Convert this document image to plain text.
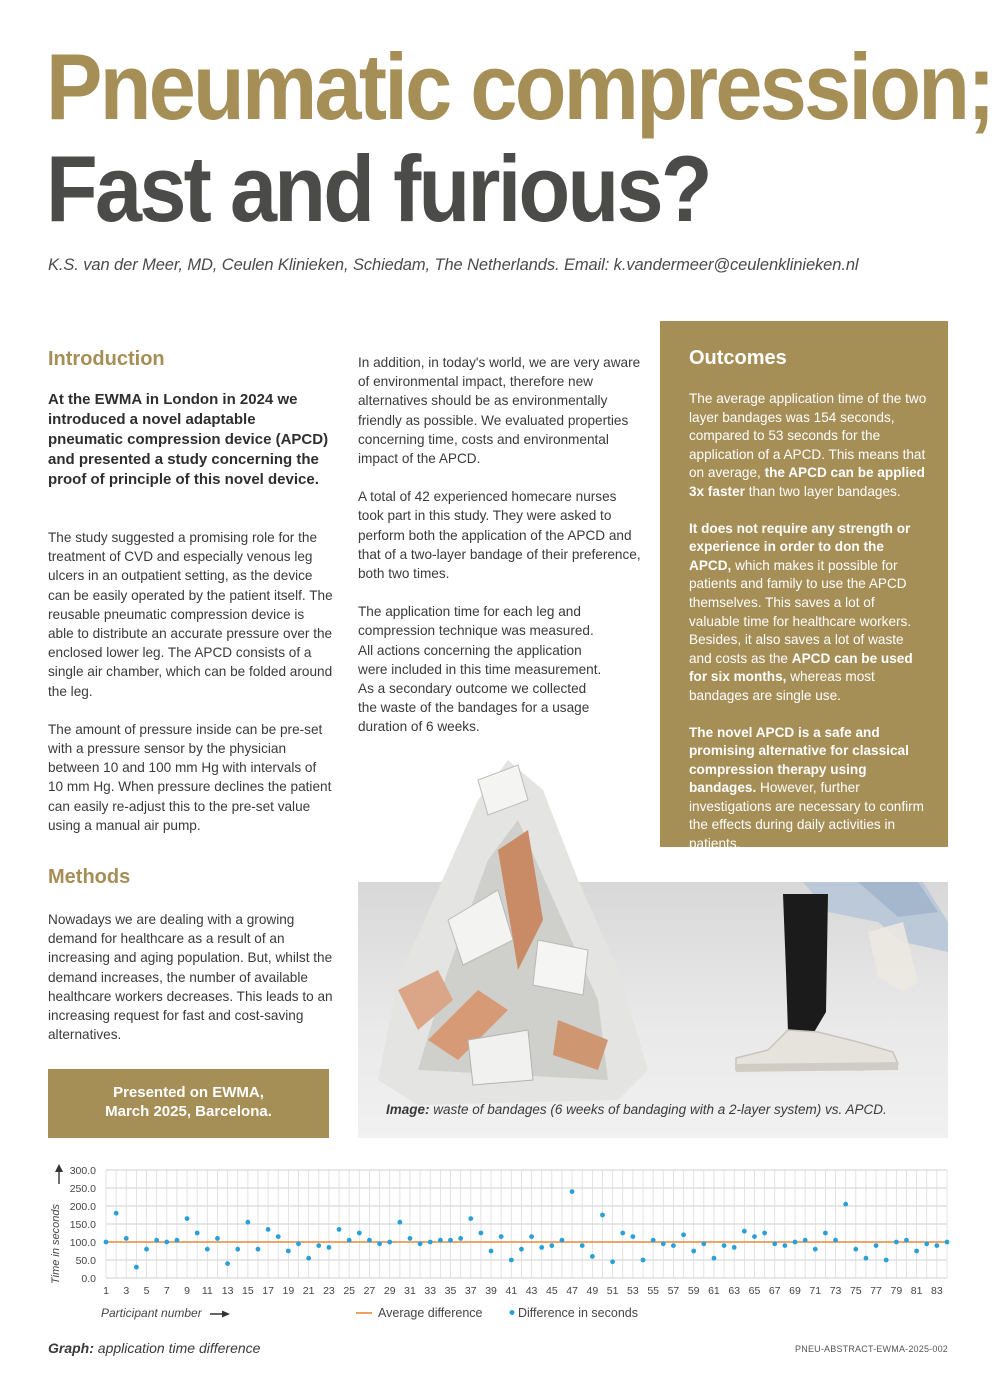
Pneumatic compression;
Fast and furious?
K.S. van der Meer, MD, Ceulen Klinieken, Schiedam, The Netherlands. Email: k.vandermeer@ceulenklinieken.nl
Introduction

At the EWMA in London in 2024 we introduced a novel adaptable pneumatic compression device (APCD) and presented a study concerning the proof of principle of this novel device.

The study suggested a promising role for the treatment of CVD and especially venous leg ulcers in an outpatient setting, as the device can be easily operated by the patient itself. The reusable pneumatic compression device is able to distribute an accurate pressure over the enclosed lower leg. The APCD consists of a single air chamber, which can be folded around the leg.

The amount of pressure inside can be pre-set with a pressure sensor by the physician between 10 and 100 mm Hg with intervals of 10 mm Hg. When pressure declines the patient can easily re-adjust this to the pre-set value using a manual air pump.

Methods

Nowadays we are dealing with a growing demand for healthcare as a result of an increasing and aging population. But, whilst the demand increases, the number of available healthcare workers decreases. This leads to an increasing request for fast and cost-saving alternatives.

In addition, in today's world, we are very aware of environmental impact, therefore new alternatives should be as environmentally friendly as possible. We evaluated properties concerning time, costs and environmental impact of the APCD.

A total of 42 experienced homecare nurses took part in this study. They were asked to perform both the application of the APCD and that of a two-layer bandage of their preference, both two times.

The application time for each leg and compression technique was measured. All actions concerning the application were included in this time measurement. As a secondary outcome we collected the waste of the bandages for a usage duration of 6 weeks.

Outcomes

The average application time of the two layer bandages was 154 seconds, compared to 53 seconds for the application of a APCD. This means that on average, the APCD can be applied 3x faster than two layer bandages.

It does not require any strength or experience in order to don the APCD, which makes it possible for patients and family to use the APCD themselves. This saves a lot of valuable time for healthcare workers. Besides, it also saves a lot of waste and costs as the APCD can be used for six months, whereas most bandages are single use.

The novel APCD is a safe and promising alternative for classical compression therapy using bandages. However, further investigations are necessary to confirm the effects during daily activities in patients.

Presented on EWMA,
March 2025, Barcelona.	Image: waste of bandages (6 weeks of bandaging with a 2-layer system) vs. APCD.
0.0
50.0
100.0
150.0
200.0
250.0
300.0
1 3 5 7 9 11 13 15 17 19 21 23 25 27 29 31 33 35 37 39 41 43 45 47 49 51 53 55 57 59 61 63 65 67 69 71 73 75 77 79 81 83
Time in seconds
Participant number	Average difference	Difference in seconds
Graph: application time difference	PNEU-ABSTRACT-EWMA-2025-002
